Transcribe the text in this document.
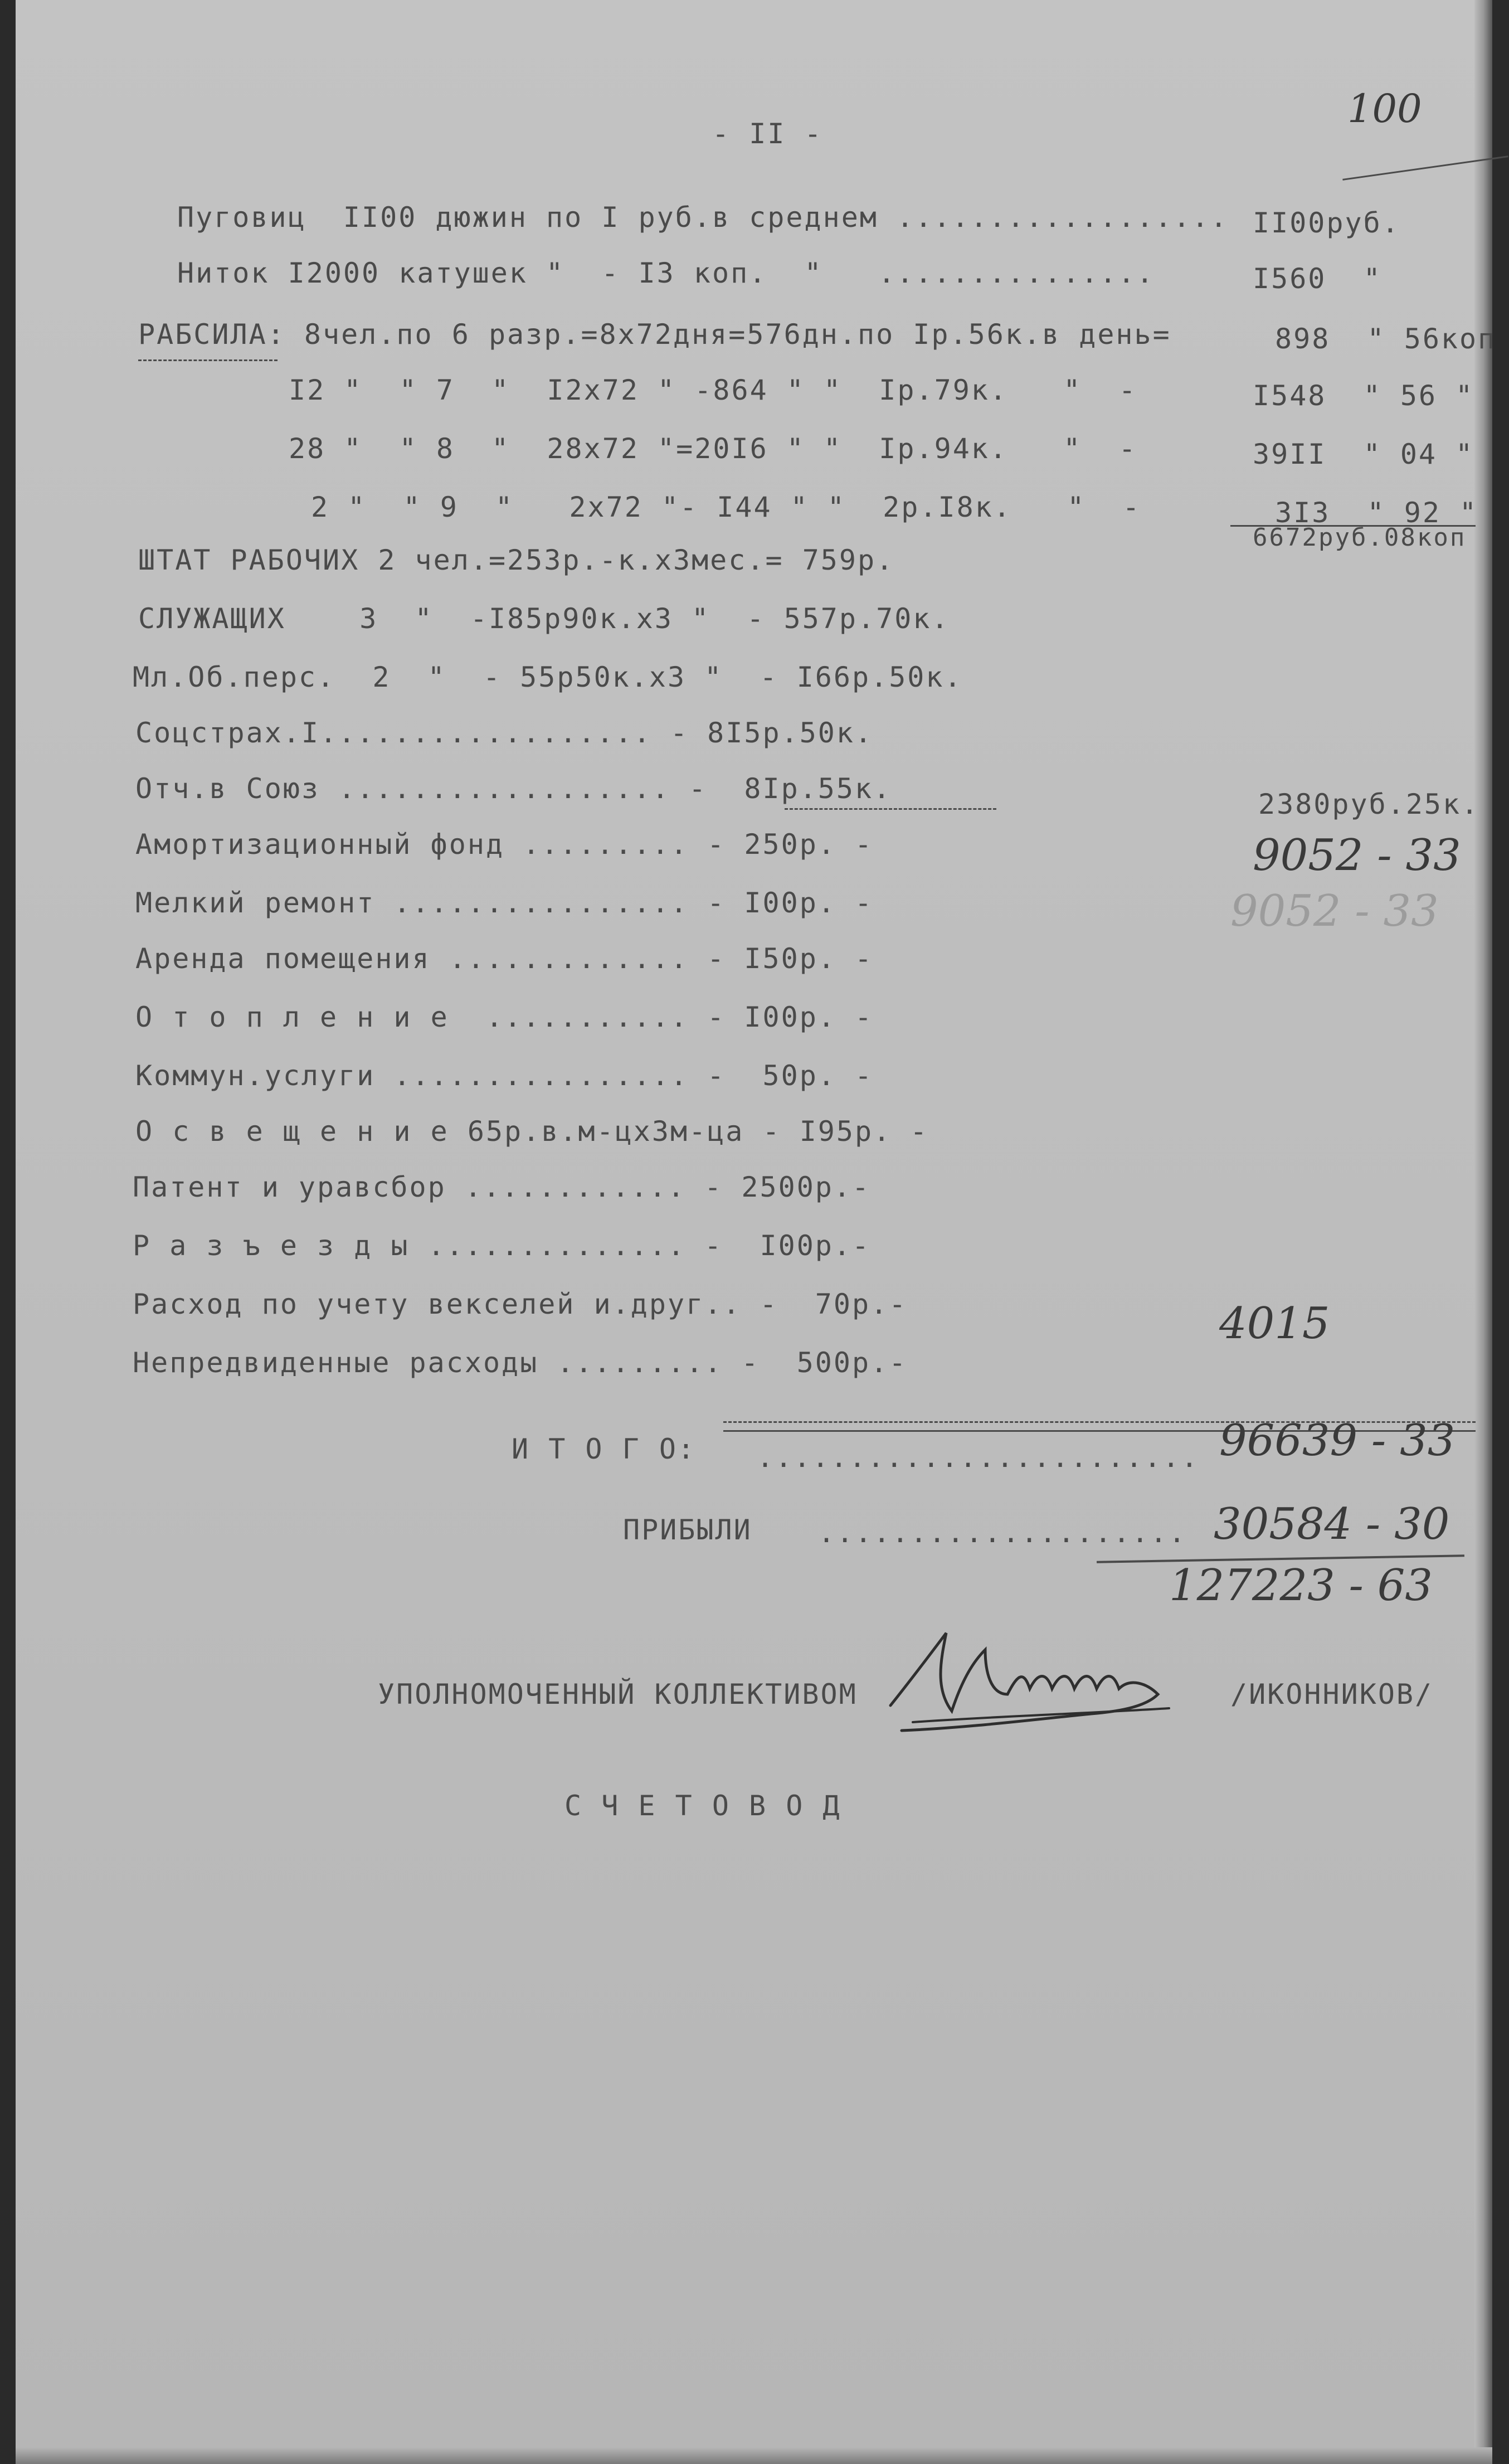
- II -
100
Пуговиц  II00 дюжин по I руб.в среднем .................. II00руб.
Ниток I2000 катушек "  - I3 коп.  "   ...............	I560  "
РАБСИЛА: 8чел.по 6 разр.=8x72дня=576дн.по Iр.56к.в день=	898  " 56коп
I2 "  " 7  "  I2x72 " -864 " "  Iр.79к.   "  -	I548  " 56 "
28 "  " 8  "  28x72 "=20I6 " "  Iр.94к.   "  -	39II  " 04 "
2 "  " 9  "   2x72 "- I44 " "  2р.I8к.   "  -	3I3  " 92 "
6672руб.08коп
ШТАТ РАБОЧИХ 2 чел.=253р.-к.x3мес.= 759р.
СЛУЖАЩИХ    3  "  -I85р90к.x3 "  - 557р.70к.
Мл.Об.перс.  2  "  - 55р50к.x3 "  - I66р.50к.
Соцстрах.I.................. - 8I5р.50к.
Отч.в Союз .................. -  8Iр.55к.	2380руб.25к.
9052 - 33
9052 - 33
Амортизационный фонд ......... - 250р. -
Мелкий ремонт ................ - I00р. -
Аренда помещения ............. - I50р. -
О т о п л е н и е  ........... - I00р. -
Коммун.услуги ................ -  50р. -
О с в е щ е н и е 65р.в.м-цx3м-ца - I95р. -
Патент и уравсбор ............ - 2500р.-
Р а з ъ е з д ы .............. -  I00р.-
Расход по учету векселей и.друг.. -  70р.-
Непредвиденные расходы ......... -  500р.-
4015
И Т О Г О: ........................ 96639 - 33
ПРИБЫЛИ .................... 30584 - 30
127223 - 63
УПОЛНОМОЧЕННЫЙ КОЛЛЕКТИВОМ	/ИКОННИКОВ/
С Ч Е Т О В О Д
